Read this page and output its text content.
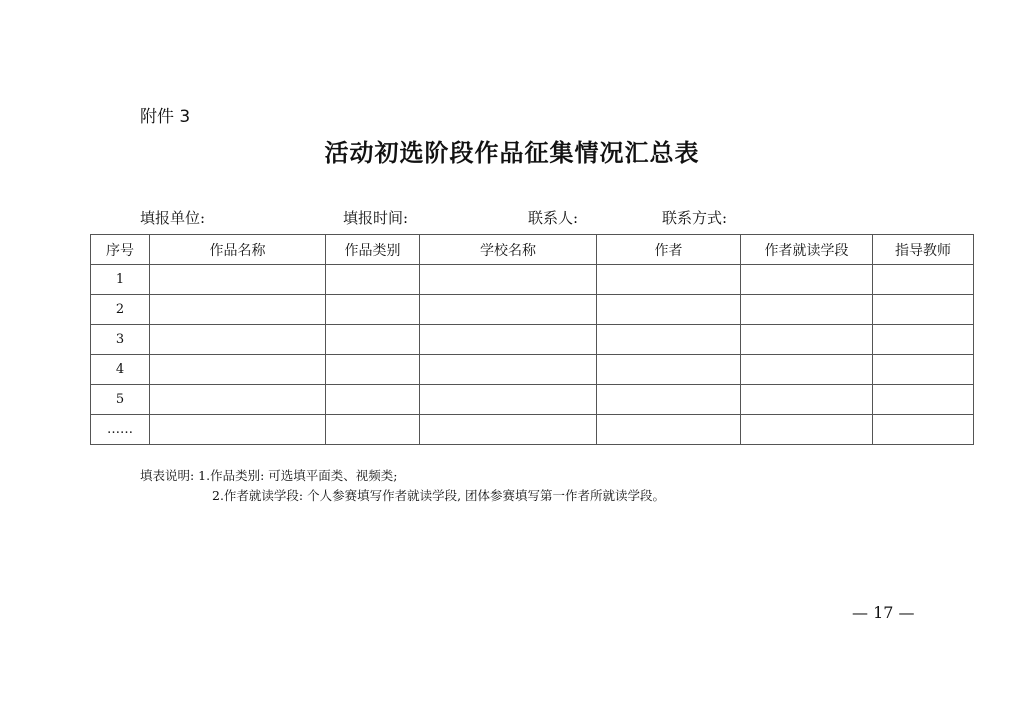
附件 3
活动初选阶段作品征集情况汇总表
填报单位:	填报时间:	联系人:	联系方式:
序号	作品名称	作品类别	学校名称	作者	作者就读学段	指导教师
1						
2						
3						
4						
5						
……						
填表说明: 1.作品类别: 可选填平面类、视频类;
2.作者就读学段: 个人参赛填写作者就读学段, 团体参赛填写第一作者所就读学段。
— 17 —
